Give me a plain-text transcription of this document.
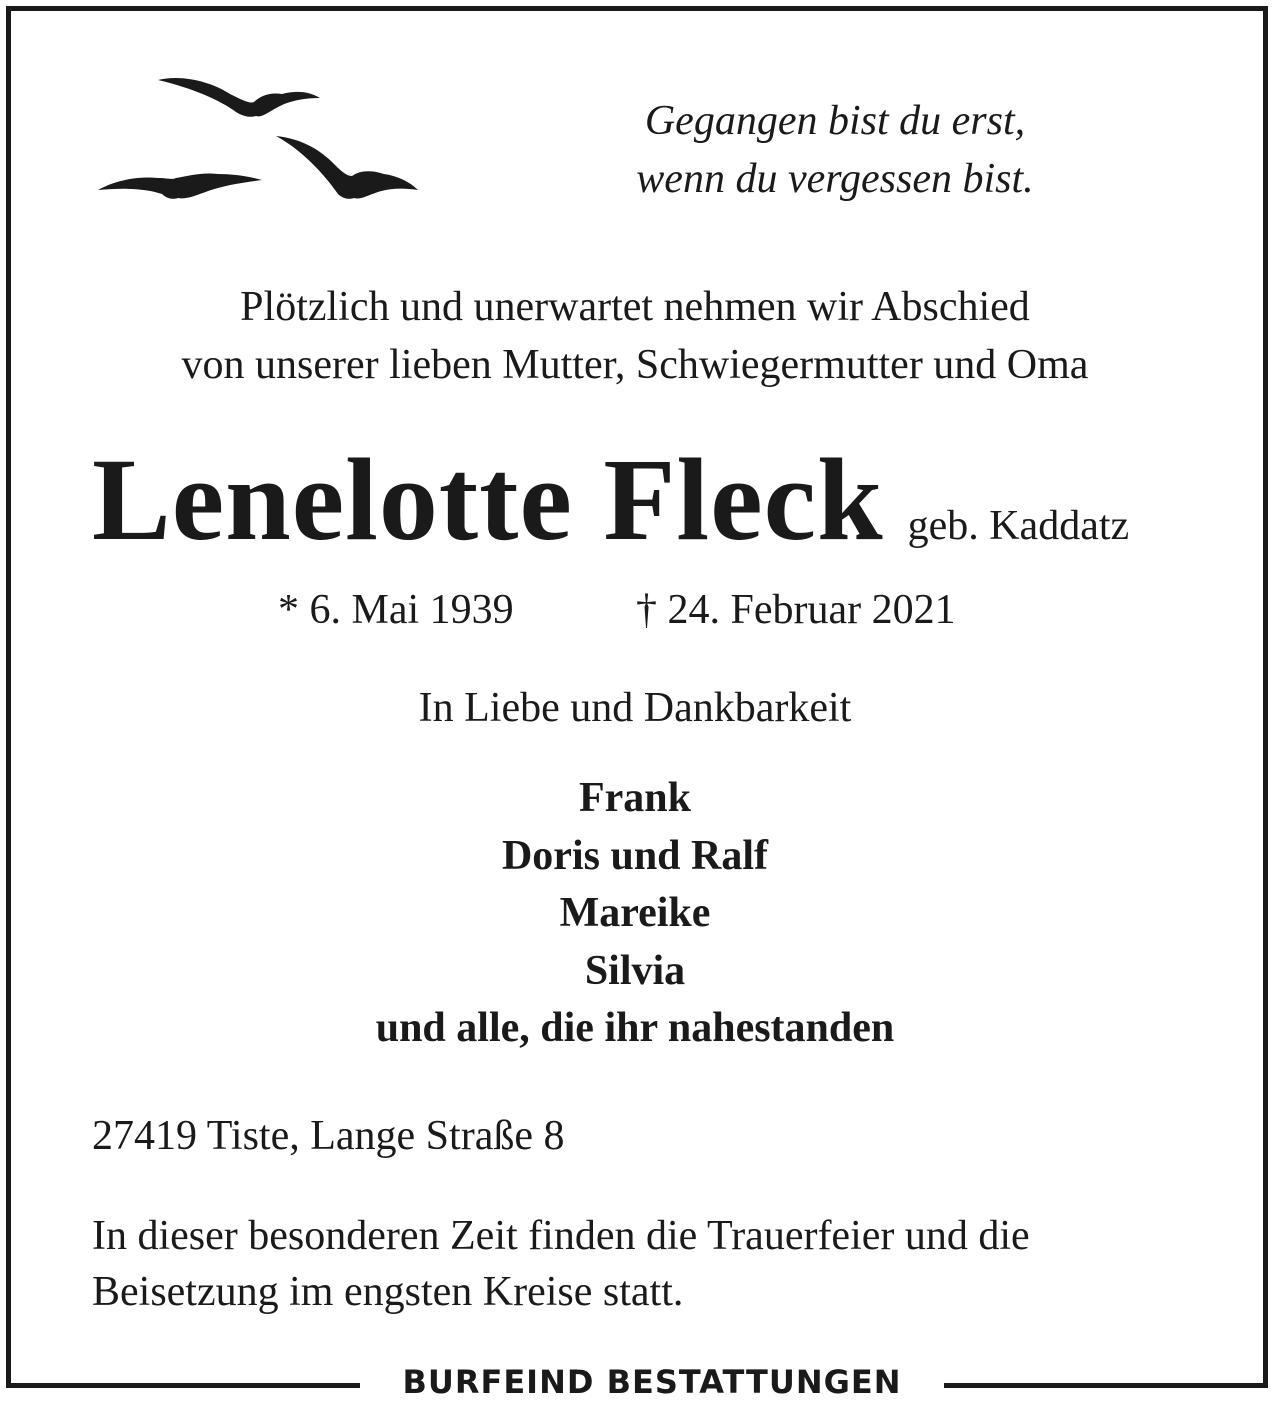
Gegangen bist du erst,
wenn du vergessen bist.
Plötzlich und unerwartet nehmen wir Abschied
von unserer lieben Mutter, Schwiegermutter und Oma
Lenelotte Fleck geb. Kaddatz
* 6. Mai 1939	† 24. Februar 2021
In Liebe und Dankbarkeit
Frank
Doris und Ralf
Mareike
Silvia
und alle, die ihr nahestanden
27419 Tiste, Lange Straße 8
In dieser besonderen Zeit finden die Trauerfeier und die
Beisetzung im engsten Kreise statt.
BURFEIND BESTATTUNGEN
